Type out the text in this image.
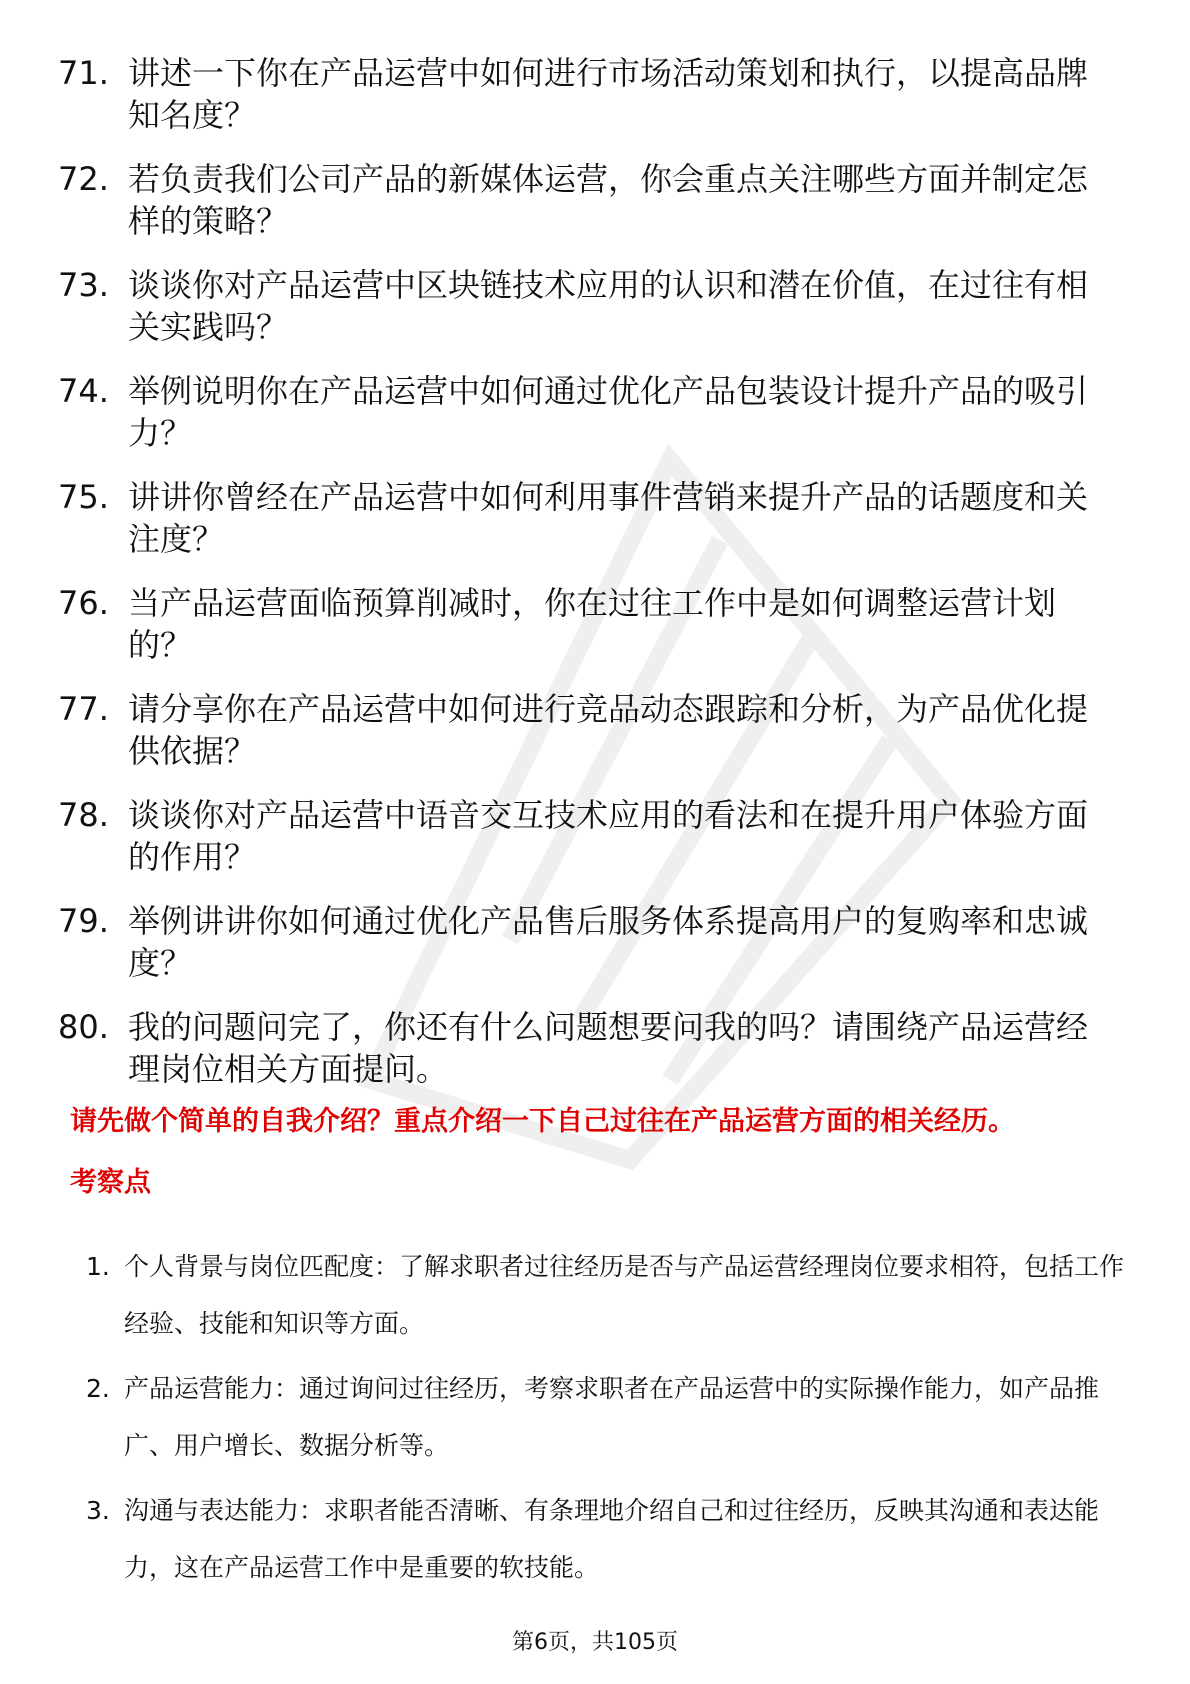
71. 讲述一下你在产品运营中如何进行市场活动策划和执行，以提高品牌知名度？
72. 若负责我们公司产品的新媒体运营，你会重点关注哪些方面并制定怎样的策略？
73. 谈谈你对产品运营中区块链技术应用的认识和潜在价值，在过往有相关实践吗？
74. 举例说明你在产品运营中如何通过优化产品包装设计提升产品的吸引力？
75. 讲讲你曾经在产品运营中如何利用事件营销来提升产品的话题度和关注度？
76. 当产品运营面临预算削减时，你在过往工作中是如何调整运营计划的？
77. 请分享你在产品运营中如何进行竞品动态跟踪和分析，为产品优化提供依据？
78. 谈谈你对产品运营中语音交互技术应用的看法和在提升用户体验方面的作用？
79. 举例讲讲你如何通过优化产品售后服务体系提高用户的复购率和忠诚度？
80. 我的问题问完了，你还有什么问题想要问我的吗？请围绕产品运营经理岗位相关方面提问。
请先做个简单的自我介绍？重点介绍一下自己过往在产品运营方面的相关经历。
考察点
1. 个人背景与岗位匹配度：了解求职者过往经历是否与产品运营经理岗位要求相符，包括工作经验、技能和知识等方面。
2. 产品运营能力：通过询问过往经历，考察求职者在产品运营中的实际操作能力，如产品推广、用户增长、数据分析等。
3. 沟通与表达能力：求职者能否清晰、有条理地介绍自己和过往经历，反映其沟通和表达能力，这在产品运营工作中是重要的软技能。
第6页，共105页
